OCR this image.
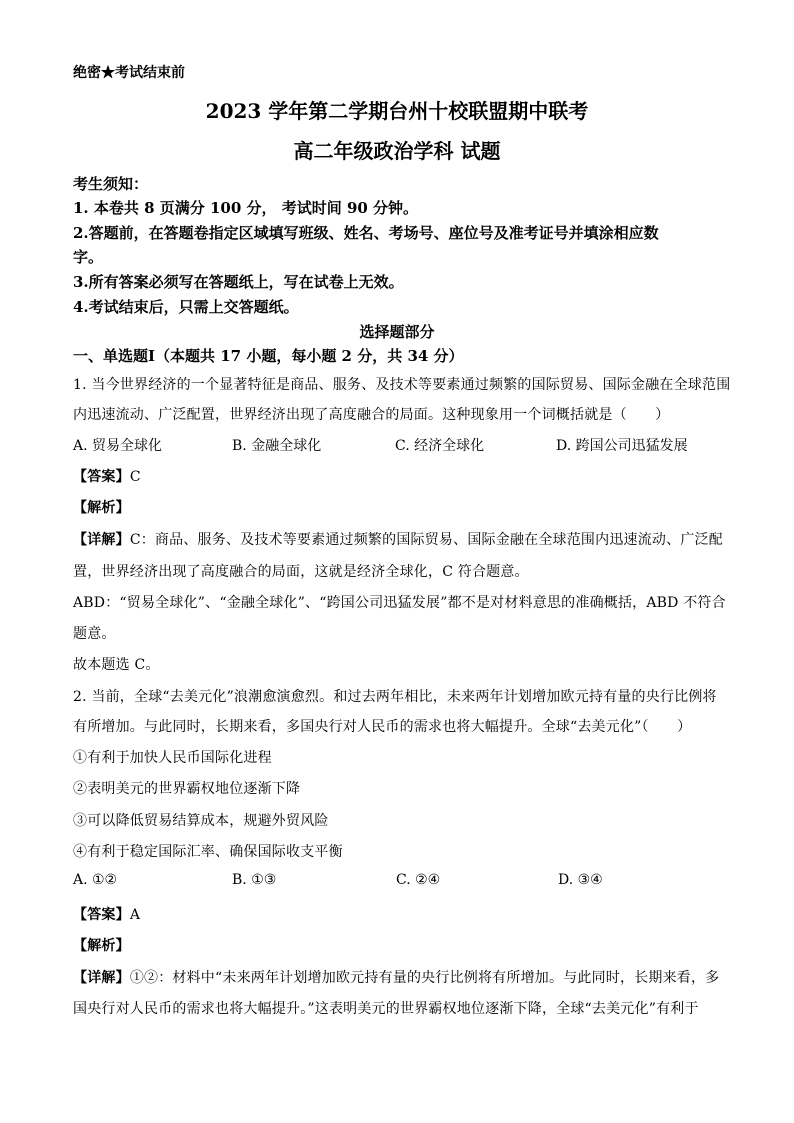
绝密★考试结束前
2023 学年第二学期台州十校联盟期中联考
高二年级政治学科 试题
考生须知：
1. 本卷共 8 页满分 100 分， 考试时间 90 分钟。
2.答题前，在答题卷指定区域填写班级、姓名、考场号、座位号及准考证号并填涂相应数
字。
3.所有答案必须写在答题纸上，写在试卷上无效。
4.考试结束后，只需上交答题纸。
选择题部分
一、单选题Ⅰ（本题共 17 小题，每小题 2 分，共 34 分）
1. 当今世界经济的一个显著特征是商品、服务、及技术等要素通过频繁的国际贸易、国际金融在全球范围
内迅速流动、广泛配置，世界经济出现了高度融合的局面。这种现象用一个词概括就是（　　）
A. 贸易全球化	B. 金融全球化	C. 经济全球化	D. 跨国公司迅猛发展
【答案】C
【解析】
【详解】C：商品、服务、及技术等要素通过频繁的国际贸易、国际金融在全球范围内迅速流动、广泛配
置，世界经济出现了高度融合的局面，这就是经济全球化，C 符合题意。
ABD：“贸易全球化”、“金融全球化”、“跨国公司迅猛发展”都不是对材料意思的准确概括，ABD 不符合
题意。
故本题选 C。
2. 当前，全球“去美元化”浪潮愈演愈烈。和过去两年相比，未来两年计划增加欧元持有量的央行比例将
有所增加。与此同时，长期来看，多国央行对人民币的需求也将大幅提升。全球“去美元化”（　　）
①有利于加快人民币国际化进程
②表明美元的世界霸权地位逐渐下降
③可以降低贸易结算成本，规避外贸风险
④有利于稳定国际汇率、确保国际收支平衡
A. ①②	B. ①③	C. ②④	D. ③④
【答案】A
【解析】
【详解】①②：材料中“未来两年计划增加欧元持有量的央行比例将有所增加。与此同时，长期来看，多
国央行对人民币的需求也将大幅提升。”这表明美元的世界霸权地位逐渐下降，全球“去美元化”有利于
